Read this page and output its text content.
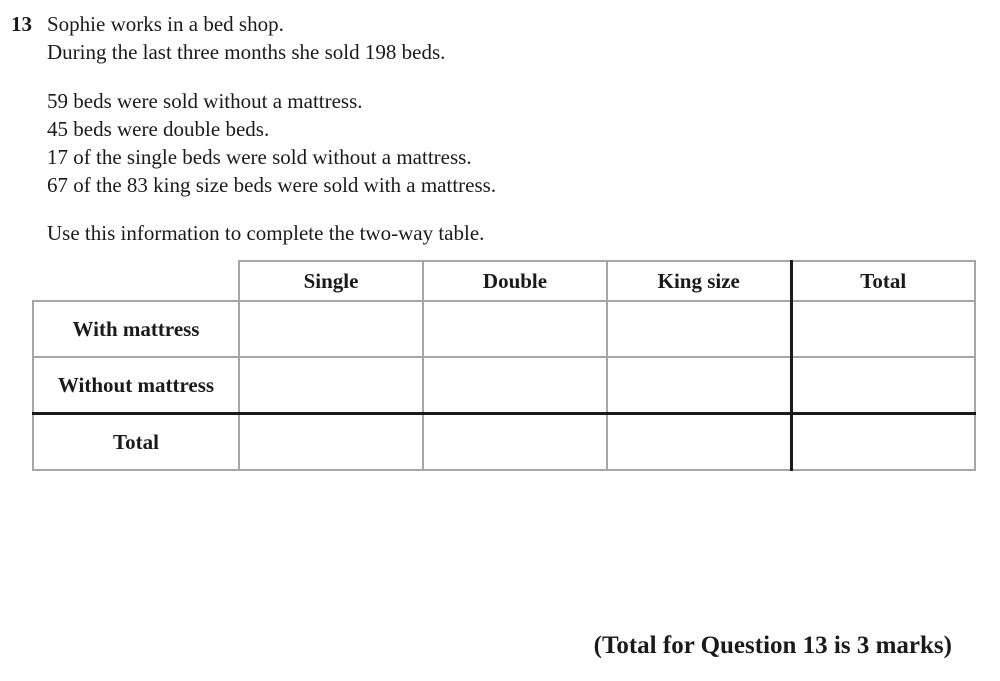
13 Sophie works in a bed shop.
During the last three months she sold 198 beds.
59 beds were sold without a mattress.
45 beds were double beds.
17 of the single beds were sold without a mattress.
67 of the 83 king size beds were sold with a mattress.
Use this information to complete the two-way table.
	Single	Double	King size	Total
With mattress				
Without mattress				
Total				
(Total for Question 13 is 3 marks)
